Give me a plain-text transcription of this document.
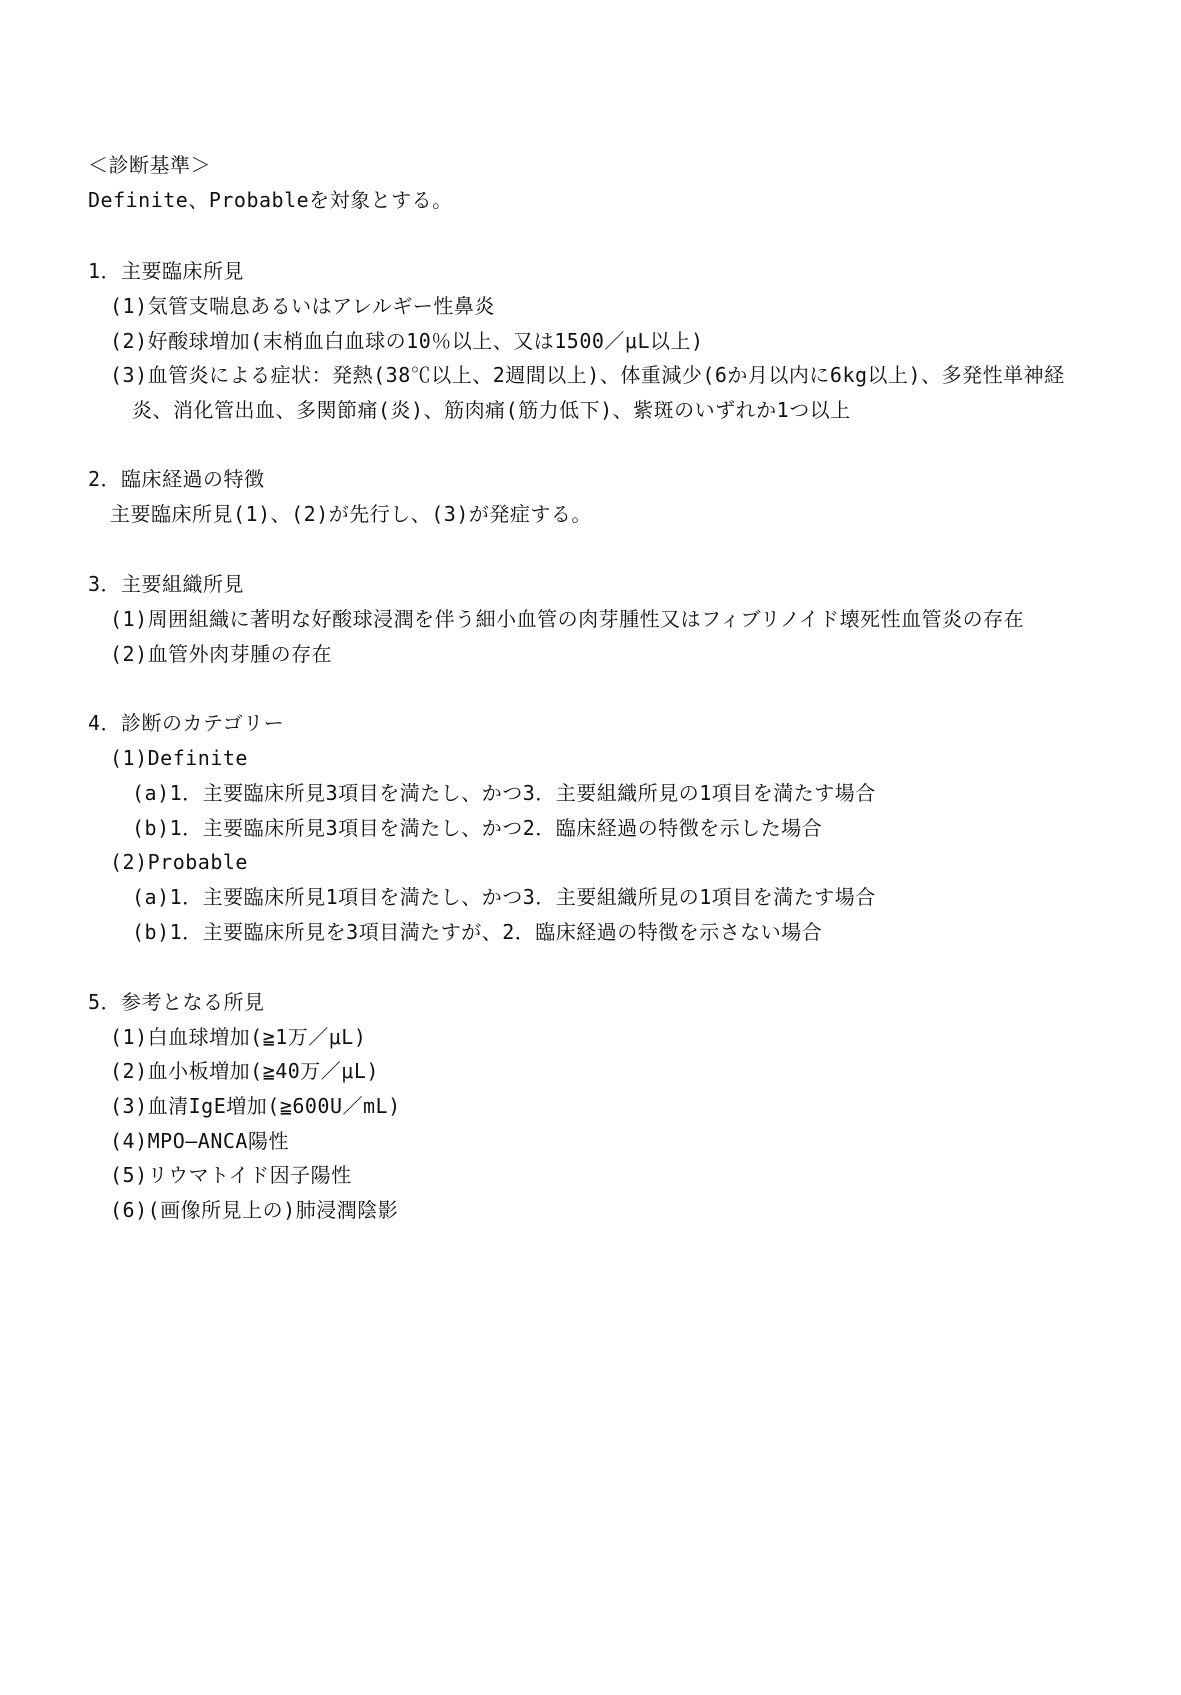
＜診断基準＞
Definite、Probableを対象とする。
1．主要臨床所見
(1)気管支喘息あるいはアレルギー性鼻炎
(2)好酸球増加(末梢血白血球の10％以上、又は1500／μL以上)
(3)血管炎による症状：発熱(38℃以上、2週間以上)、体重減少(6か月以内に6kg以上)、多発性単神経
炎、消化管出血、多関節痛(炎)、筋肉痛(筋力低下)、紫斑のいずれか1つ以上
2．臨床経過の特徴
主要臨床所見(1)、(2)が先行し、(3)が発症する。
3．主要組織所見
(1)周囲組織に著明な好酸球浸潤を伴う細小血管の肉芽腫性又はフィブリノイド壊死性血管炎の存在
(2)血管外肉芽腫の存在
4．診断のカテゴリー
(1)Definite
(a)1．主要臨床所見3項目を満たし、かつ3．主要組織所見の1項目を満たす場合
(b)1．主要臨床所見3項目を満たし、かつ2．臨床経過の特徴を示した場合
(2)Probable
(a)1．主要臨床所見1項目を満たし、かつ3．主要組織所見の1項目を満たす場合
(b)1．主要臨床所見を3項目満たすが、2．臨床経過の特徴を示さない場合
5．参考となる所見
(1)白血球増加(≧1万／μL)
(2)血小板増加(≧40万／μL)
(3)血清IgE増加(≧600U／mL)
(4)MPO―ANCA陽性
(5)リウマトイド因子陽性
(6)(画像所見上の)肺浸潤陰影
